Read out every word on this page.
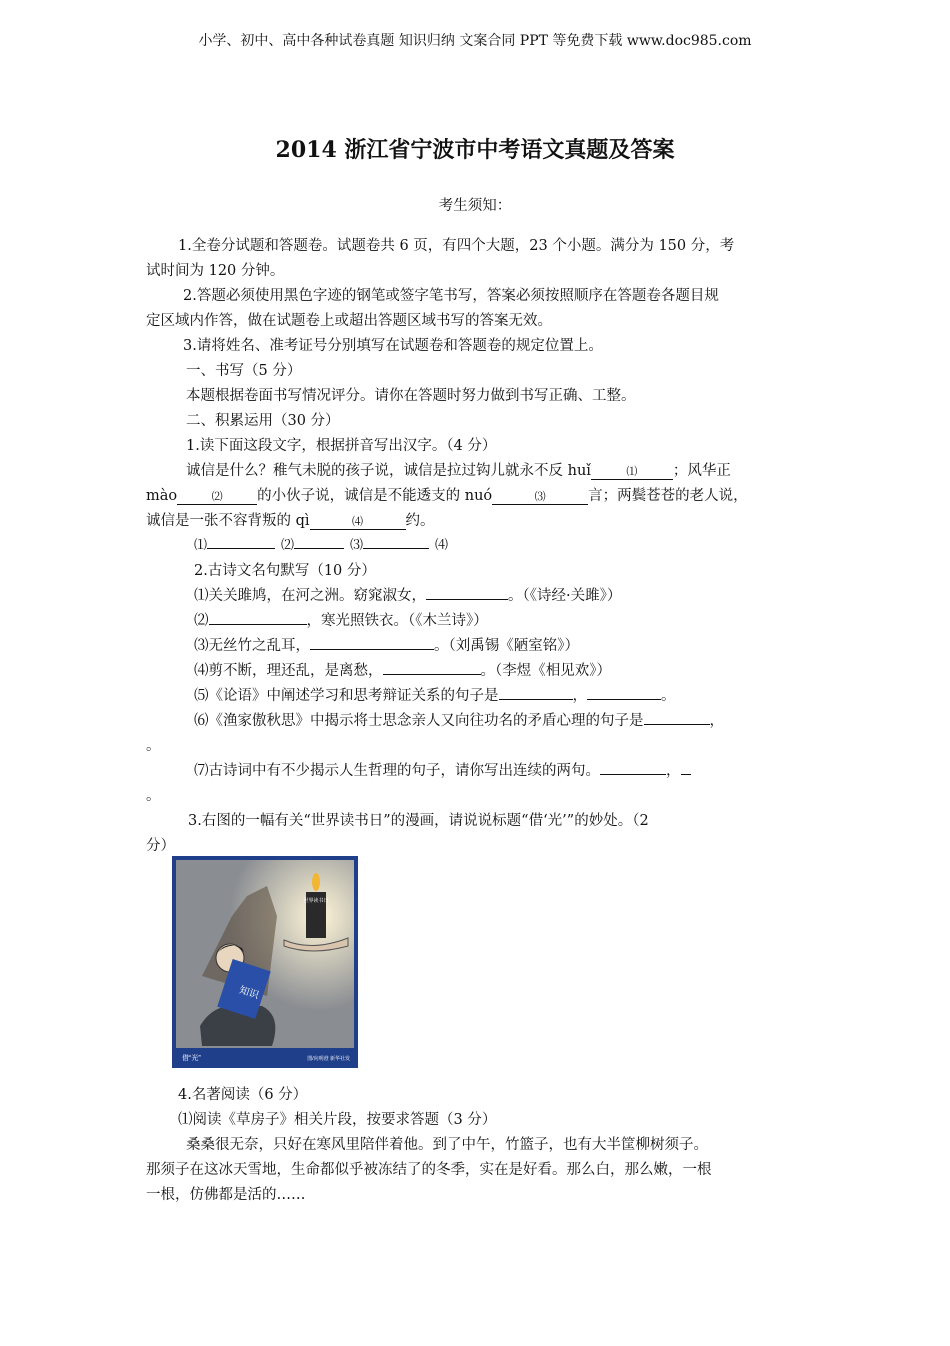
小学、初中、高中各种试卷真题 知识归纳 文案合同 PPT 等免费下载 www.doc985.com
2014 浙江省宁波市中考语文真题及答案
考生须知：
1.全卷分试题和答题卷。试题卷共 6 页，有四个大题，23 个小题。满分为 150 分，考
试时间为 120 分钟。
2.答题必须使用黑色字迹的钢笔或签字笔书写，答案必须按照顺序在答题卷各题目规
定区域内作答，做在试题卷上或超出答题区域书写的答案无效。
3.请将姓名、准考证号分别填写在试题卷和答题卷的规定位置上。
一、书写（5 分）
本题根据卷面书写情况评分。请你在答题时努力做到书写正确、工整。
二、积累运用（30 分）
1.读下面这段文字，根据拼音写出汉字。（4 分）
诚信是什么？稚气未脱的孩子说，诚信是拉过钩儿就永不反 huǐ	⑴ ；风华正
mào	⑵ 的小伙子说，诚信是不能透支的 nuó	⑶	言；两鬓苍苍的老人说，
诚信是一张不容背叛的 qì	⑷	约。
⑴	⑵	⑶	⑷
2.古诗文名句默写（10 分）
⑴关关雎鸠，在河之洲。窈窕淑女，	。（《诗经·关雎》）
⑵	，寒光照铁衣。（《木兰诗》）
⑶无丝竹之乱耳，	。（刘禹锡《陋室铭》）
⑷剪不断，理还乱，是离愁，	。（李煜《相见欢》）
⑸《论语》中阐述学习和思考辩证关系的句子是	，	。
⑹《渔家傲秋思》中揭示将士思念亲人又向往功名的矛盾心理的句子是	，
。
⑺古诗词中有不少揭示人生哲理的句子，请你写出连续的两句。	，
。
3.右图的一幅有关“世界读书日”的漫画，请说说标题“借‘光’”的妙处。（2
分）
知识
世界读书日
借“光”	图/向明澄 新华社发
4.名著阅读（6 分）
⑴阅读《草房子》相关片段，按要求答题（3 分）
桑桑很无奈，只好在寒风里陪伴着他。到了中午，竹篮子，也有大半筐柳树须子。
那须子在这冰天雪地，生命都似乎被冻结了的冬季，实在是好看。那么白，那么嫩，一根
一根，仿佛都是活的……
